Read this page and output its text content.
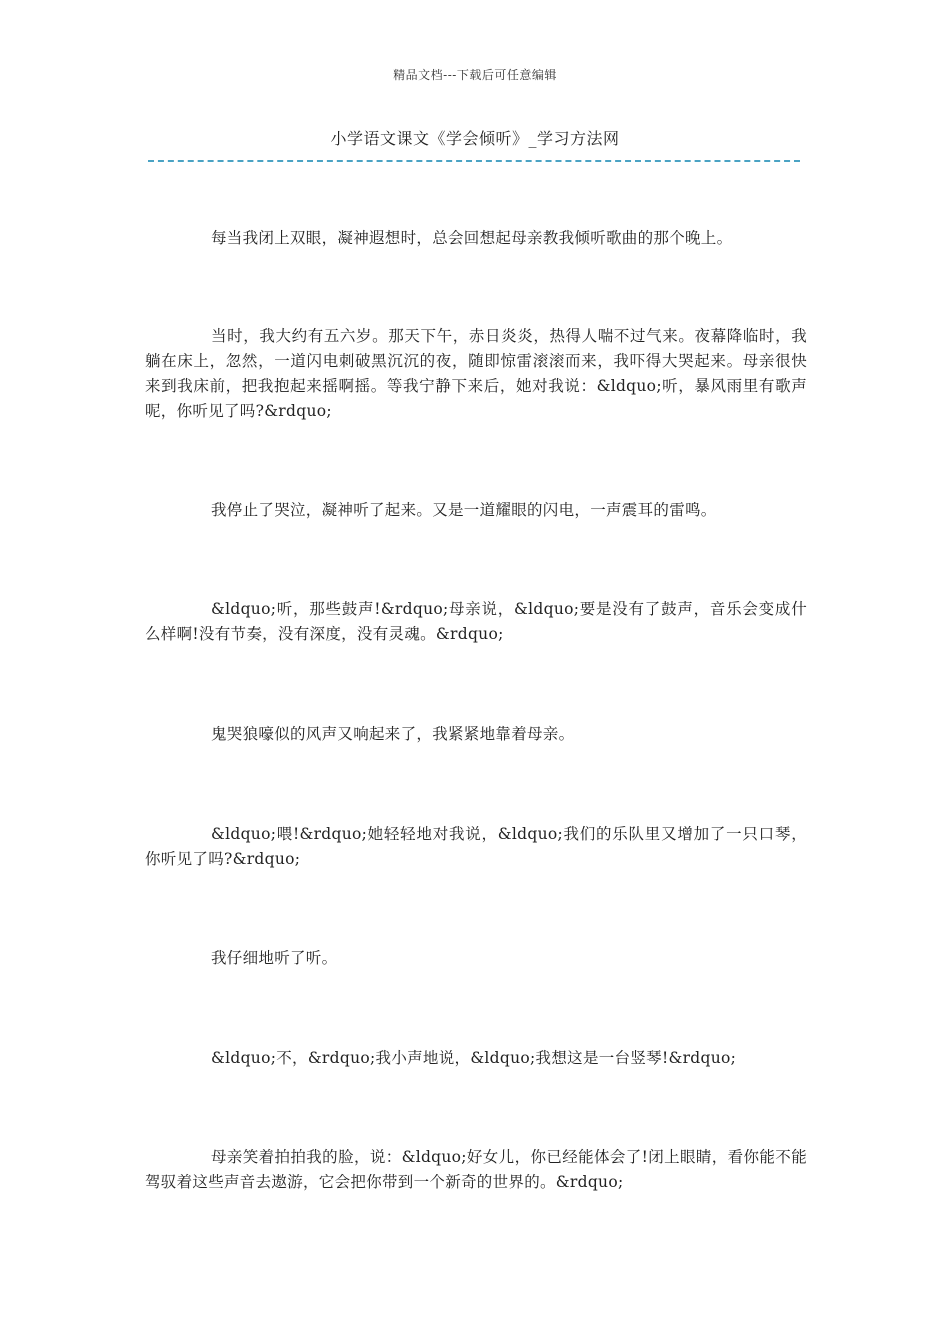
精品文档---下载后可任意编辑
小学语文课文《学会倾听》_学习方法网

每当我闭上双眼，凝神遐想时，总会回想起母亲教我倾听歌曲的那个晚上。

当时，我大约有五六岁。那天下午，赤日炎炎，热得人喘不过气来。夜幕降临时，我躺在床上，忽然，一道闪电刺破黑沉沉的夜，随即惊雷滚滚而来，我吓得大哭起来。母亲很快来到我床前，把我抱起来摇啊摇。等我宁静下来后，她对我说：&ldquo;听，暴风雨里有歌声呢，你听见了吗?&rdquo;

我停止了哭泣，凝神听了起来。又是一道耀眼的闪电，一声震耳的雷鸣。

&ldquo;听，那些鼓声!&rdquo;母亲说，&ldquo;要是没有了鼓声，音乐会变成什么样啊!没有节奏，没有深度，没有灵魂。&rdquo;

鬼哭狼嚎似的风声又响起来了，我紧紧地靠着母亲。

&ldquo;喂!&rdquo;她轻轻地对我说，&ldquo;我们的乐队里又增加了一只口琴，你听见了吗?&rdquo;

我仔细地听了听。

&ldquo;不，&rdquo;我小声地说，&ldquo;我想这是一台竖琴!&rdquo;

母亲笑着拍拍我的脸，说：&ldquo;好女儿，你已经能体会了!闭上眼睛，看你能不能驾驭着这些声音去遨游，它会把你带到一个新奇的世界的。&rdquo;
